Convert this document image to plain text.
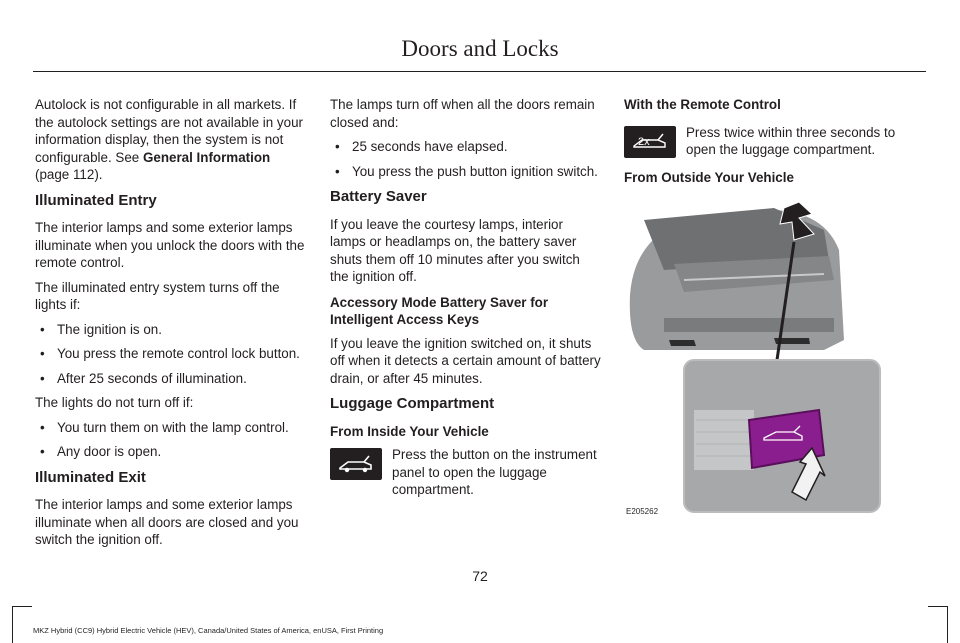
Doors and Locks

Autolock is not configurable in all markets. If the autolock settings are not available in your information display, then the system is not configurable. See General Information (page 112).

Illuminated Entry

The interior lamps and some exterior lamps illuminate when you unlock the doors with the remote control.

The illuminated entry system turns off the lights if:

• The ignition is on.
• You press the remote control lock button.
• After 25 seconds of illumination.

The lights do not turn off if:

• You turn them on with the lamp control.
• Any door is open.
Illuminated Exit

The interior lamps and some exterior lamps illuminate when all doors are closed and you switch the ignition off.

The lamps turn off when all the doors remain closed and:

• 25 seconds have elapsed.
• You press the push button ignition switch.
Battery Saver

If you leave the courtesy lamps, interior lamps or headlamps on, the battery saver shuts them off 10 minutes after you switch the ignition off.

Accessory Mode Battery Saver for Intelligent Access Keys

If you leave the ignition switched on, it shuts off when it detects a certain amount of battery drain, or after 45 minutes.

Luggage Compartment
From Inside Your Vehicle

Press the button on the instrument panel to open the luggage compartment.

With the Remote Control
2x

Press twice within three seconds to open the luggage compartment.

From Outside Your Vehicle
E205262
72
MKZ Hybrid (CC9) Hybrid Electric Vehicle (HEV), Canada/United States of America, enUSA, First Printing
